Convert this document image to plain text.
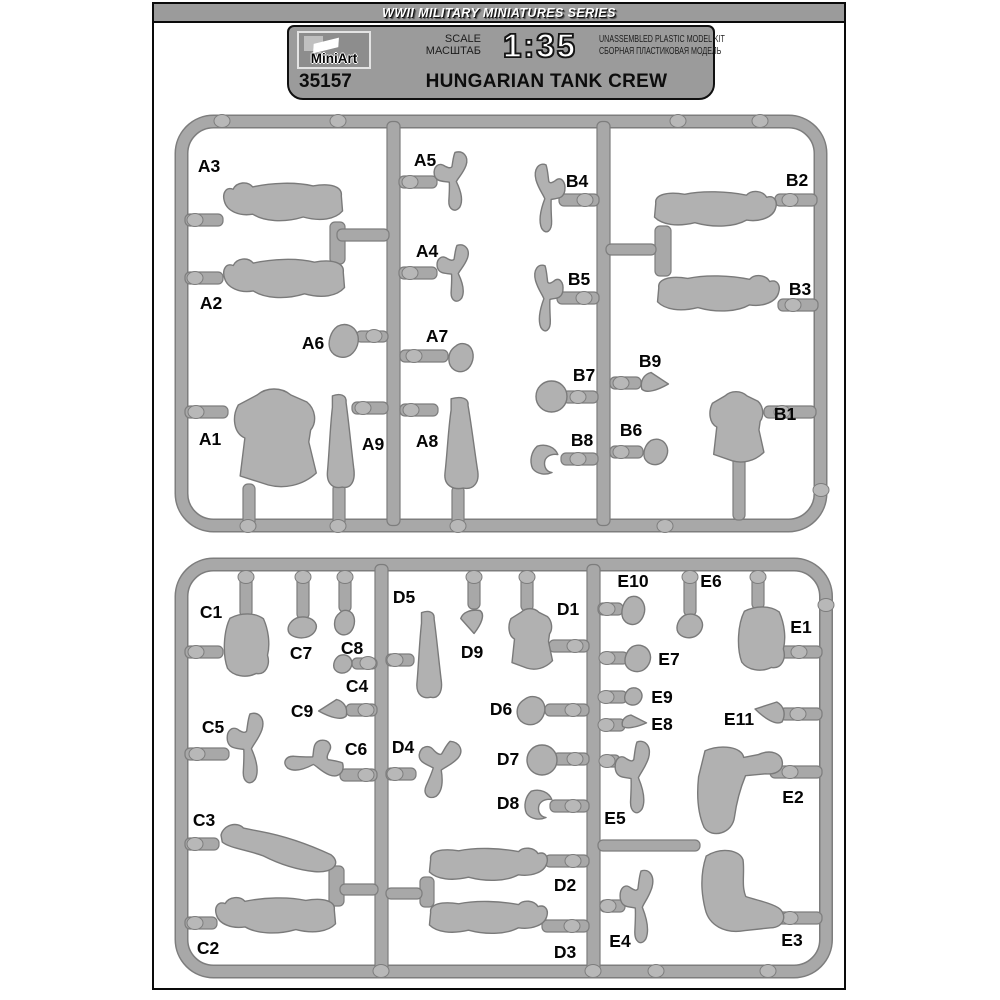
WWII MILITARY MINIATURES SERIES
MiniArt
35157
SCALE
МАСШТАБ 1:35	UNASSEMBLED PLASTIC MODEL KIT
СБОРНАЯ ПЛАСТИКОВАЯ МОДЕЛЬ
HUNGARIAN TANK CREW
A1
A2
A3
A4
A5
A6	A7
A8
A9
B1
B2
B3
B4
B5
B6
B7
B8
B9
C1
C2
C3
C4
C5
C6
C7 C8
C9
D1
D2
D3
D4
D5
D6
D7
D8
D9
E1
E2
E3
E4
E5
E6
E7
E8
E9
E10
E11
